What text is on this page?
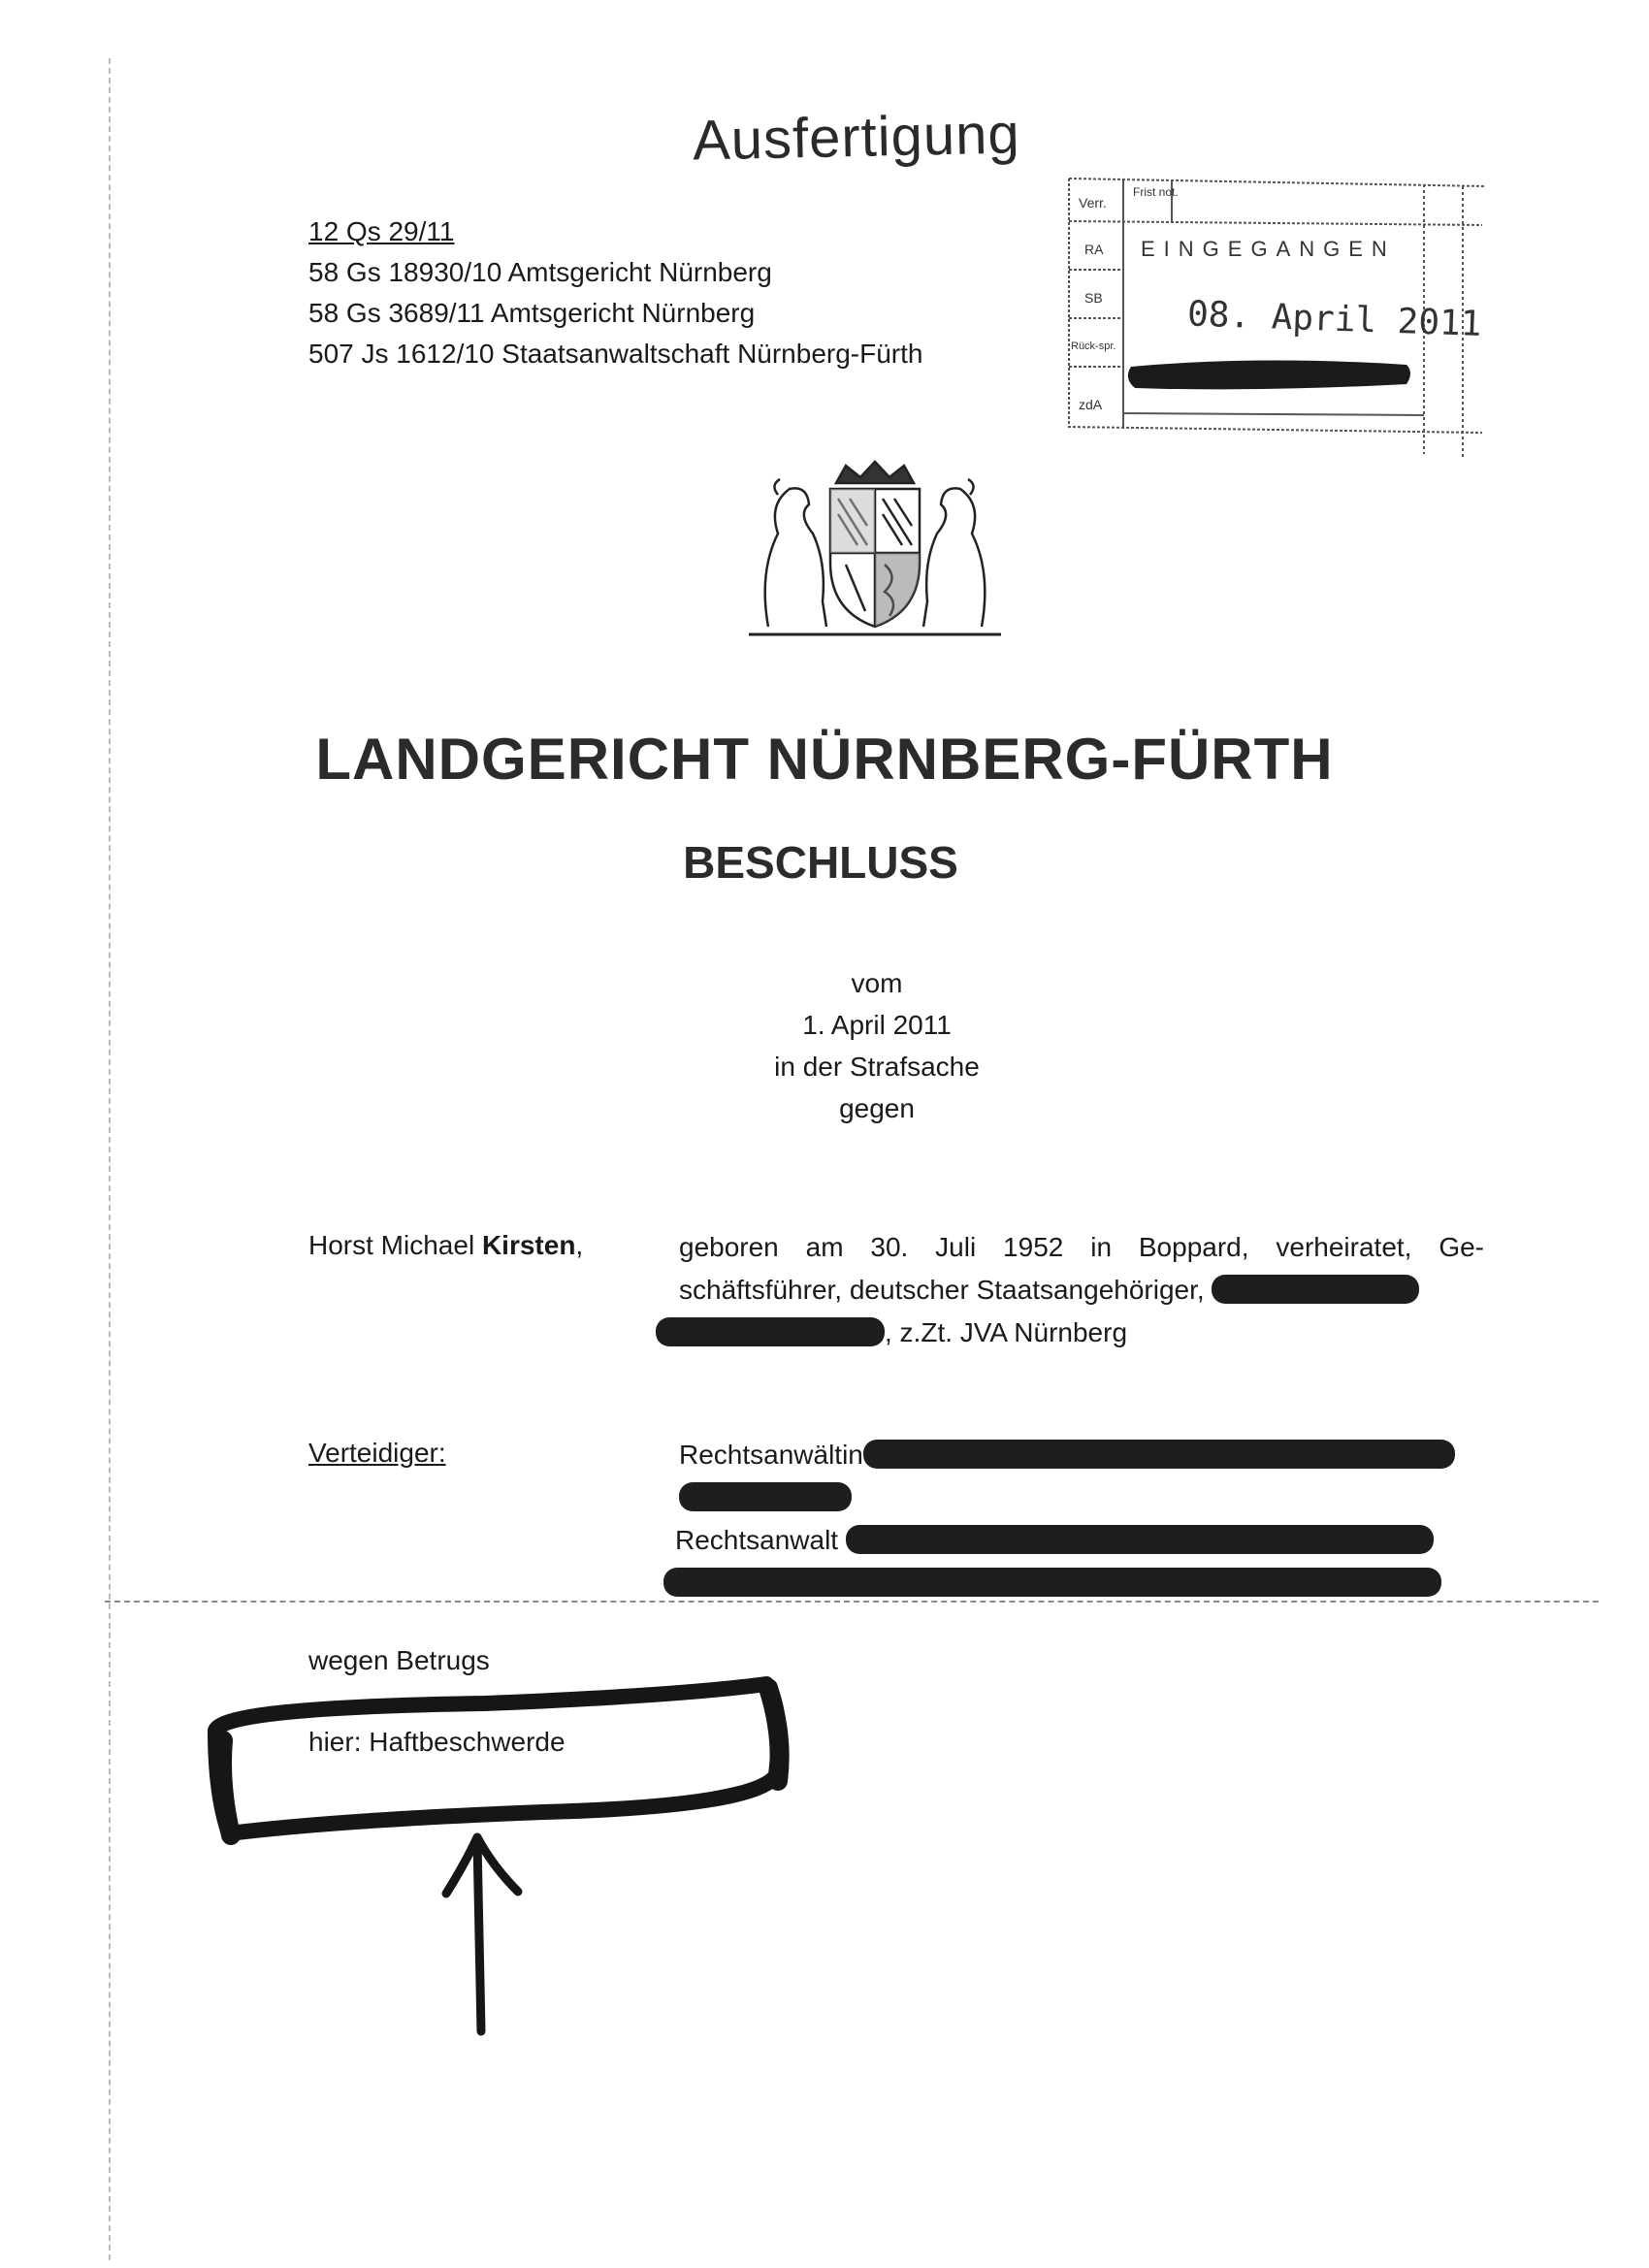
Ausfertigung
12 Qs 29/11
58 Gs 18930/10 Amtsgericht Nürnberg
58 Gs 3689/11 Amtsgericht Nürnberg
507 Js 1612/10 Staatsanwaltschaft Nürnberg-Fürth
Verr.
Frist not.
RA
SB
Rück-spr.
zdA
EINGEGANGEN
08. April 2011
LANDGERICHT NÜRNBERG-FÜRTH
BESCHLUSS
vom
1. April 2011
in der Strafsache
gegen
Horst Michael Kirsten,	geboren am 30. Juli 1952 in Boppard, verheiratet, Ge-
schäftsführer, deutscher Staatsangehöriger,
, z.Zt. JVA Nürnberg
Verteidiger:	Rechtsanwältin
Rechtsanwalt
wegen Betrugs
hier: Haftbeschwerde
